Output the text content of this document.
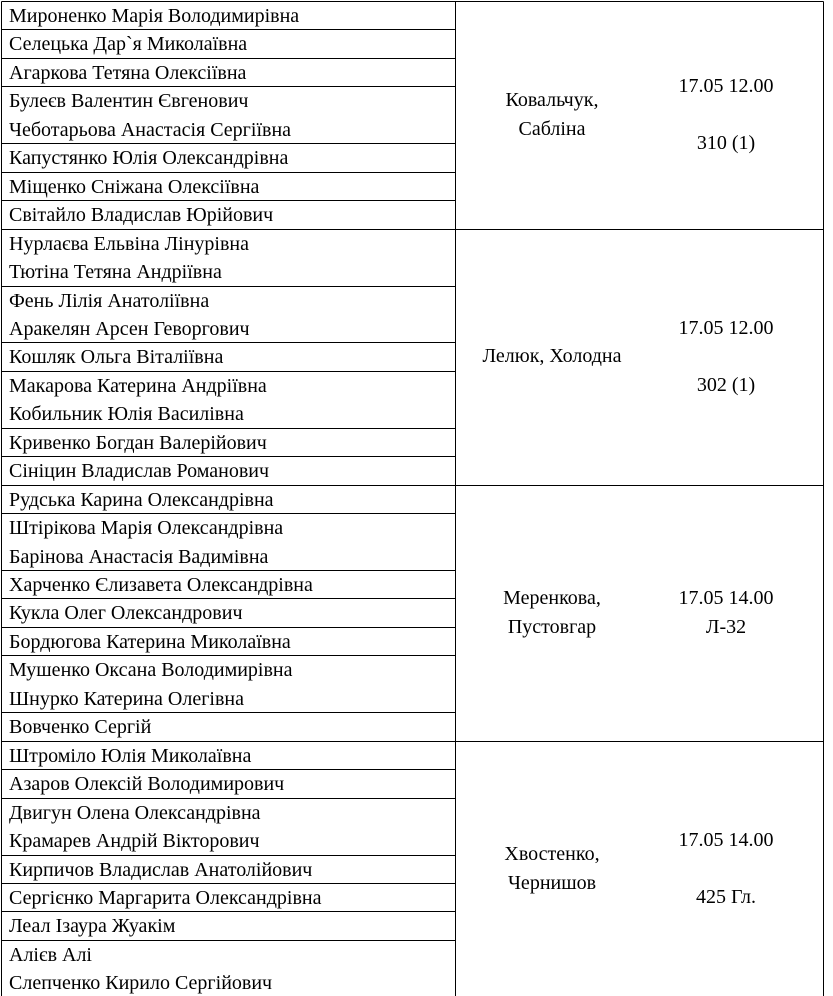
Мироненко Марія Володимирівна
Селецька Дар`я Миколаївна
Агаркова Тетяна Олексіївна
Булеєв Валентин Євгенович
Чеботарьова Анастасія Сергіївна
Капустянко Юлія Олександрівна
Міщенко Сніжана Олексіївна
Світайло Владислав Юрійович
Ковальчук,
Сабліна
17.05 12.00
310 (1)
Нурлаєва Ельвіна Лінурівна
Тютіна Тетяна Андріївна
Фень Лілія Анатоліївна
Аракелян Арсен Геворгович
Кошляк Ольга Віталіївна
Макарова Катерина Андріївна
Кобильник Юлія Василівна
Кривенко Богдан Валерійович
Сініцин Владислав Романович
Лелюк, Холодна
17.05 12.00
302 (1)
Рудська Карина Олександрівна
Штірікова Марія Олександрівна
Барінова Анастасія Вадимівна
Харченко Єлизавета Олександрівна
Кукла Олег Олександрович
Бордюгова Катерина Миколаївна
Мушенко Оксана Володимирівна
Шнурко Катерина Олегівна
Вовченко Сергій
Меренкова,
Пустовгар
17.05 14.00
Л-32
Штроміло Юлія Миколаївна
Азаров Олексій Володимирович
Двигун Олена Олександрівна
Крамарев Андрій Вікторович
Кирпичов Владислав Анатолійович
Сергієнко Маргарита Олександрівна
Леал Ізаура Жуакім
Алієв Алі
Слепченко Кирило Сергійович
Хвостенко,
Чернишов
17.05 14.00
425 Гл.
